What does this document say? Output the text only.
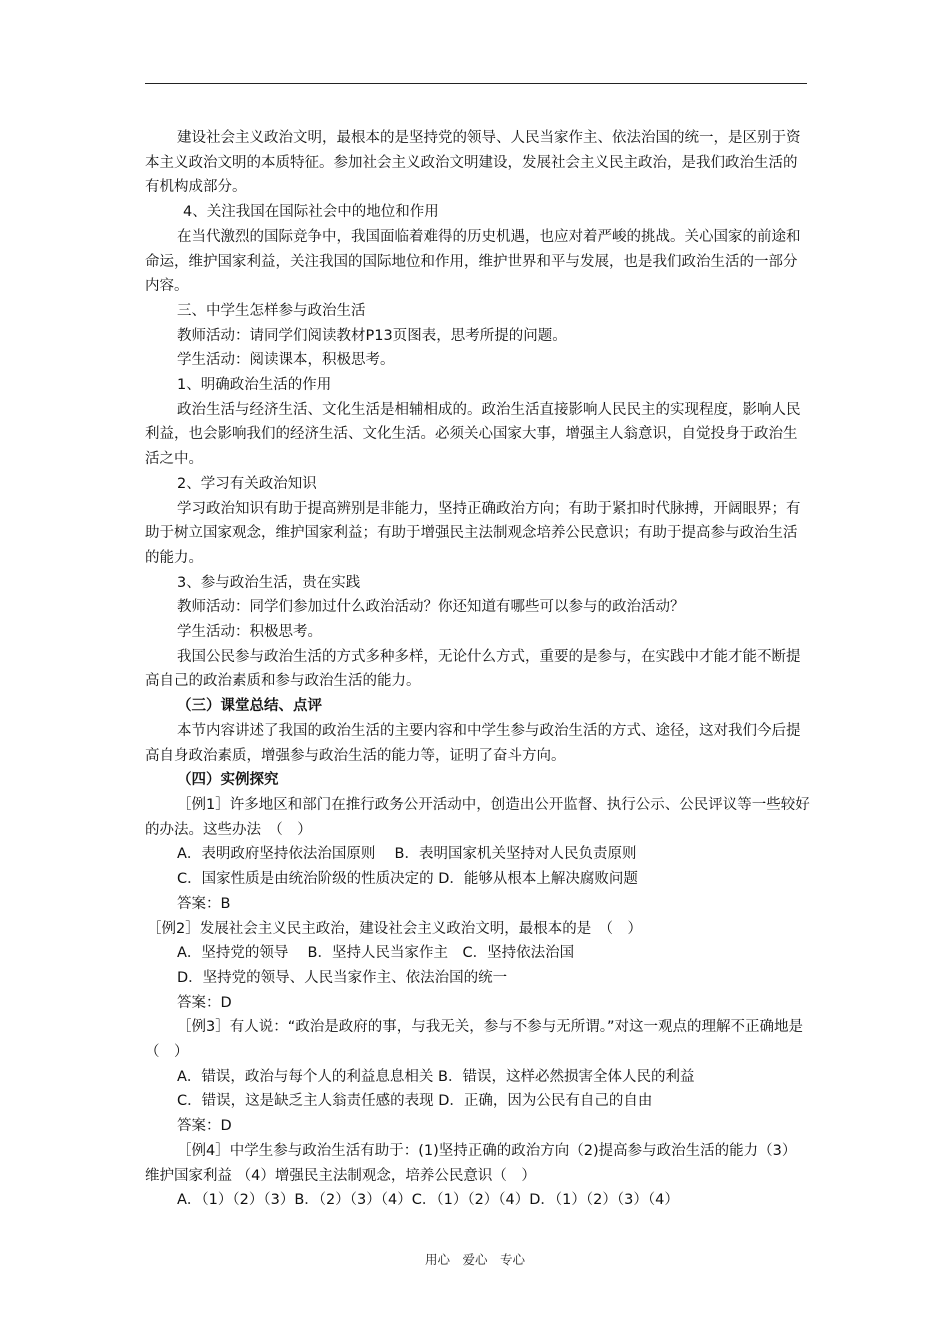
建设社会主义政治文明，最根本的是坚持党的领导、人民当家作主、依法治国的统一，是区别于资本主义政治文明的本质特征。参加社会主义政治文明建设，发展社会主义民主政治，是我们政治生活的有机构成部分。

4、关注我国在国际社会中的地位和作用

在当代激烈的国际竞争中，我国面临着难得的历史机遇，也应对着严峻的挑战。关心国家的前途和命运，维护国家利益，关注我国的国际地位和作用，维护世界和平与发展，也是我们政治生活的一部分内容。

三、中学生怎样参与政治生活

教师活动：请同学们阅读教材P13页图表，思考所提的问题。

学生活动：阅读课本，积极思考。

1、明确政治生活的作用

政治生活与经济生活、文化生活是相辅相成的。政治生活直接影响人民民主的实现程度，影响人民利益，也会影响我们的经济生活、文化生活。必须关心国家大事，增强主人翁意识，自觉投身于政治生活之中。

2、学习有关政治知识

学习政治知识有助于提高辨别是非能力，坚持正确政治方向；有助于紧扣时代脉搏，开阔眼界；有助于树立国家观念，维护国家利益；有助于增强民主法制观念培养公民意识；有助于提高参与政治生活的能力。

3、参与政治生活，贵在实践

教师活动：同学们参加过什么政治活动？你还知道有哪些可以参与的政治活动？

学生活动：积极思考。

我国公民参与政治生活的方式多种多样，无论什么方式，重要的是参与，在实践中才能才能不断提高自己的政治素质和参与政治生活的能力。

（三）课堂总结、点评

本节内容讲述了我国的政治生活的主要内容和中学生参与政治生活的方式、途径，这对我们今后提高自身政治素质，增强参与政治生活的能力等，证明了奋斗方向。

（四）实例探究

［例1］许多地区和部门在推行政务公开活动中，创造出公开监督、执行公示、公民评议等一些较好的办法。这些办法　（　）

A．表明政府坚持依法治国原则　 B．表明国家机关坚持对人民负责原则

C．国家性质是由统治阶级的性质决定的 D．能够从根本上解决腐败问题

答案：B

［例2］发展社会主义民主政治，建设社会主义政治文明，最根本的是　（　）

A．坚持党的领导　 B．坚持人民当家作主　C．坚持依法治国

D．坚持党的领导、人民当家作主、依法治国的统一

答案：D

［例3］有人说：“政治是政府的事，与我无关，参与不参与无所谓。”对这一观点的理解不正确地是（　）

A．错误，政治与每个人的利益息息相关 B．错误，这样必然损害全体人民的利益

C．错误，这是缺乏主人翁责任感的表现 D．正确，因为公民有自己的自由

答案：D

［例4］中学生参与政治生活有助于：(1)坚持正确的政治方向（2)提高参与政治生活的能力（3）维护国家利益 （4）增强民主法制观念，培养公民意识（　）

A．（1）（2）（3）B．（2）（3）（4）C．（1）（2）（4）D．（1）（2）（3）（4）

用心　爱心　专心
